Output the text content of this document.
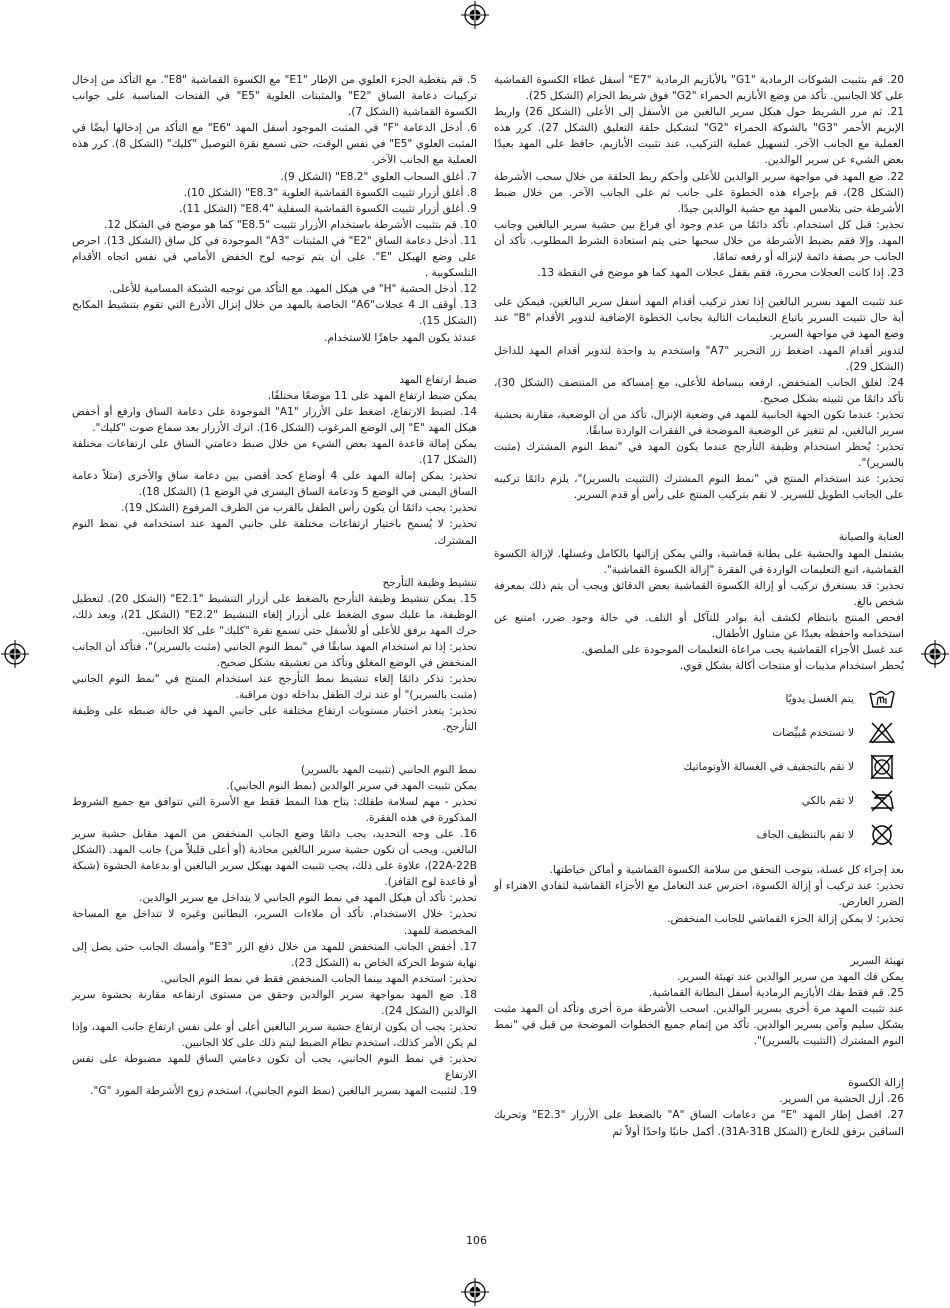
20. قم بتثبيت الشوكات الرمادية "G1" بالأبازيم الرمادية "E7" أسفل غطاء الكسوة القماشية على كلا الجانبين. تأكد من وضع الأبازيم الحمراء "G2" فوق شريط الحزام (الشكل 25).

21. ثم مرر الشريط حول هيكل سرير البالغين من الأسفل إلى الأعلى (الشكل 26) واربط الإبزيم الأحمر "G3" بالشوكة الحمراء "G2" لتشكيل حلقة التعليق (الشكل 27). كرر هذه العملية مع الجانب الآخر. لتسهيل عملية التركيب، عند تثبيت الأبازيم، حافظ على المهد بعيدًا بعض الشيء عن سرير الوالدين.

22. ضع المهد في مواجهة سرير الوالدين للأعلى وأحكم ربط الحلقة من خلال سحب الأشرطة (الشكل 28)، قم بإجراء هذه الخطوة على جانب ثم على الجانب الآخر. من خلال ضبط الأشرطة حتى يتلامس المهد مع حشية الوالدين جيدًا.

تحذير: قبل كل استخدام. تأكد دائمًا من عدم وجود أي فراغ بين حشية سرير البالغين وجانب المهد. وإلا فقم بضبط الأشرطة من خلال سحبها حتى يتم استعادة الشرط المطلوب. تأكد أن الجانب حر بصفة دائمة لإنزاله أو رفعه تمامًا.

23. إذا كانت العجلات محررة، فقم بقفل عجلات المهد كما هو موضح في النقطة 13.

عند تثبيت المهد بسرير البالغين إذا تعذر تركيب أقدام المهد أسفل سرير البالغين، فيمكن على أية حال تثبيت السرير باتباع التعليمات التالية بجانب الخطوة الإضافية لتدوير الأقدام "B" عند وضع المهد في مواجهة السرير.

لتدوير أقدام المهد، اضغط زر التحرير "A7" واستخدم يد واحدة لتدوير أقدام المهد للداخل (الشكل 29).

24. لغلق الجانب المنخفض، ارفعه ببساطة للأعلى، مع إمساكه من المنتصف (الشكل 30)، تأكد دائمًا من تثبيته بشكل صحيح.

تحذير: عندما تكون الجهة الجانبية للمهد في وضعية الإنزال، تأكد من أن الوضعية، مقارنة بحشية سرير البالغين، لم تتغير عن الوضعية الموضحة في الفقرات الواردة سابقًا.

تحذير: يُحظر استخدام وظيفة التأرجح عندما يكون المهد في "نمط النوم المشترك (مثبت بالسرير)".

تحذير: عند استخدام المنتج في "نمط النوم المشترك (التثبيت بالسرير)"، يلزم دائمًا تركيبه على الجانب الطويل للسرير. لا تقم بتركيب المنتج على رأس أو قدم السرير.

العناية والصيانة

يشتمل المهد والحشية على بطانة قماشية، والتي يمكن إزالتها بالكامل وغسلها. لإزالة الكسوة القماشية، اتبع التعليمات الواردة في الفقرة "إزالة الكسوة القماشية".

تحذير: قد يستغرق تركيب أو إزالة الكسوة القماشية بعض الدقائق ويجب أن يتم ذلك بمعرفة شخص بالغ.

افحص المنتج بانتظام لكشف أية بوادر للتآكل أو التلف. في حالة وجود ضرر، امتنع عن استخدامه واحفظه بعيدًا عن متناول الأطفال.

عند غسل الأجزاء القماشية يجب مراعاة التعليمات الموجودة على الملصق.

يُحظر استخدام مذيبات أو منتجات أكالة بشكل قوي.

يتم الغسل يدويًا
لا تستخدم مُبيِّضات
لا تقم بالتجفيف في الغسالة الأوتوماتيك
لا تقم بالكي
لا تقم بالتنظيف الجاف

بعد إجراء كل غسلة، يتوجب التحقق من سلامة الكسوة القماشية و أماكن خياطتها.

تحذير: عند تركيب أو إزالة الكسوة، احترس عند التعامل مع الأجزاء القماشية لتفادي الاهتراء أو الضرر العارض.

تحذير: لا يمكن إزالة الجزء القماشي للجانب المنخفض.

تهيئة السرير

يمكن فك المهد من سرير الوالدين عند تهيئة السرير.

25. قم فقط بفك الأبازيم الرمادية أسفل البطانة القماشية.

عند تثبيت المهد مرة أخرى بسرير الوالدين. اسحب الأشرطة مرة أخرى وتأكد أن المهد مثبت بشكل سليم وآمن بسرير الوالدين. تأكد من إتمام جميع الخطوات الموضحة من قبل في "نمط النوم المشترك (التثبيت بالسرير)".

إزالة الكسوة

26. أزل الحشية من السرير.

27. افصل إطار المهد "E" من دعامات الساق "A" بالضغط على الأزرار "E2.3" وتحريك الساقين برفق للخارج (الشكل 31A-31B). أكمل جانبًا واحدًا أولاً ثم

5. قم بتغطية الجزء العلوي من الإطار "E1" مع الكسوة القماشية "E8". مع التأكد من إدخال تركيبات دعامة الساق "E2" والمثبتات العلوية "E5" في الفتحات المناسبة على جوانب الكسوة القماشية (الشكل 7).

6. أدخل الدعامة "F" في المثبت الموجود أسفل المهد "E6" مع التأكد من إدخالها أيضًا في المثبت العلوي "E5" في نفس الوقت، حتى تسمع نقرة التوصيل "كليك" (الشكل 8). كرر هذه العملية مع الجانب الآخر.

7. أغلق السحاب العلوي "E8.2" (الشكل 9).

8. أغلق أزرار تثبيت الكسوة القماشية العلوية "E8.3" (الشكل 10).

9. أغلق أزرار تثبيت الكسوة القماشية السفلية "E8.4" (الشكل 11).

10. قم بتثبيت الأشرطة باستخدام الأزرار تثبيت "E8.5" كما هو موضح في الشكل 12.

11. أدخل دعامة الساق "E2" في المثبتات "A3" الموجودة في كل ساق (الشكل 13). احرص على وضع الهيكل "E". على أن يتم توجيه لوح الخفض الأمامي في نفس اتجاه الأقدام التلسكوبية .

12. أدخل الحشية "H" في هيكل المهد. مع التأكد من توجيه الشبكة المسامية للأعلى.

13. أوقف الـ 4 عجلات"A6" الخاصة بالمهد من خلال إنزال الأذرع التي تقوم بتنشيط المكابح (الشكل 15).

عندئذ يكون المهد جاهزًا للاستخدام.

ضبط ارتفاع المهد

يمكن ضبط ارتفاع المهد على 11 موضعًا مختلفًا.

14. لضبط الارتفاع، اضغط على الأزرار "A1" الموجودة على دعامة الساق وارفع أو أخفض هيكل المهد "E" إلى الوضع المرغوب (الشكل 16). اترك الأزرار بعد سماع صوت "كليك".

يمكن إمالة قاعدة المهد بعض الشيء من خلال ضبط دعامتي الساق على ارتفاعات مختلفة (الشكل 17).

تحذير: يمكن إمالة المهد على 4 أوضاع كحد أقصى بين دعامة ساق والأخرى (مثلاً دعامة الساق اليمنى في الوضع 5 ودعامة الساق اليسرى في الوضع 1) (الشكل 18).

تحذير: يجب دائمًا أن يكون رأس الطفل بالقرب من الطرف المرفوع (الشكل 19).

تحذير: لا يُسمح باختيار ارتفاعات مختلفة على جانبي المهد عند استخدامه في نمط النوم المشترك.

تنشيط وظيفة التأرجح

15. يمكن تنشيط وظيفة التأرجح بالضغط على أزرار التنشيط "E2.1" (الشكل 20). لتعطيل الوظيفة، ما عليك سوى الضغط على أزرار إلغاء التنشيط "E2.2" (الشكل 21)، وبعد ذلك، حرك المهد برفق للأعلى أو للأسفل حتى تسمع نقرة "كليك" على كلا الجانبين.

تحذير: إذا تم استخدام المهد سابقًا في "نمط النوم الجانبي (مثبت بالسرير)"، فتأكد أن الجانب المنخفض في الوضع المغلق وتأكد من تعشيقه بشكل صحيح.

تحذير: تذكر دائمًا إلغاء تنشيط نمط التأرجح عند استخدام المنتج في "نمط النوم الجانبي (مثبت بالسرير)" أو عند ترك الطفل بداخله دون مراقبة.

تحذير: يتعذر اختيار مستويات ارتفاع مختلفة على جانبي المهد في حالة ضبطه على وظيفة التأرجح.

نمط النوم الجانبي (تثبيت المهد بالسرير)

يمكن تثبيت المهد في سرير الوالدين (نمط النوم الجانبي).

تحذير - مهم لسلامة طفلك: يتاح هذا النمط فقط مع الأسرة التي تتوافق مع جميع الشروط المذكورة في هذه الفقرة.

16. على وجه التحديد، يجب دائمًا وضع الجانب المنخفض من المهد مقابل حشية سرير البالغين. ويجب أن تكون حشية سرير البالغين محاذية (أو أعلى قليلاً من) جانب المهد. (الشكل 22A-22B)، علاوة على ذلك، يجب تثبيت المهد بهيكل سرير البالغين أو بدعامة الحشوة (شبكة أو قاعدة لوح القافز).

تحذير: تأكد أن هيكل المهد في نمط النوم الجانبي لا يتداخل مع سرير الوالدين.

تحذير: خلال الاستخدام. تأكد أن ملاءات السرير، البطانين وغيره لا تتداخل مع المساحة المخصصة للمهد.

17. أخفض الجانب المنخفض للمهد من خلال دفع الزر "E3" وأمسك الجانب حتى يصل إلى نهاية شوط الحركة الخاص به (الشكل 23).

تحذير: استخدم المهد بينما الجانب المنخفض فقط في نمط النوم الجانبي.

18. ضع المهد بمواجهة سرير الوالدين وحقق من مستوى ارتفاعه مقارنة بحشوة سرير الوالدين (الشكل 24).

تحذير: يجب أن يكون ارتفاع حشية سرير البالغين أعلى أو على نفس ارتفاع جانب المهد، وإذا لم يكن الأمر كذلك، استخدم نظام الضبط ليتم ذلك على كلا الجانبين.

تحذير: في نمط النوم الجانبي، يجب أن تكون دعامتي الساق للمهد مضبوطة على نفس الارتفاع

19. لتثبيت المهد بسرير البالغين (نمط النوم الجانبي)، استخدم زوج الأشرطة المورد "G".

106
